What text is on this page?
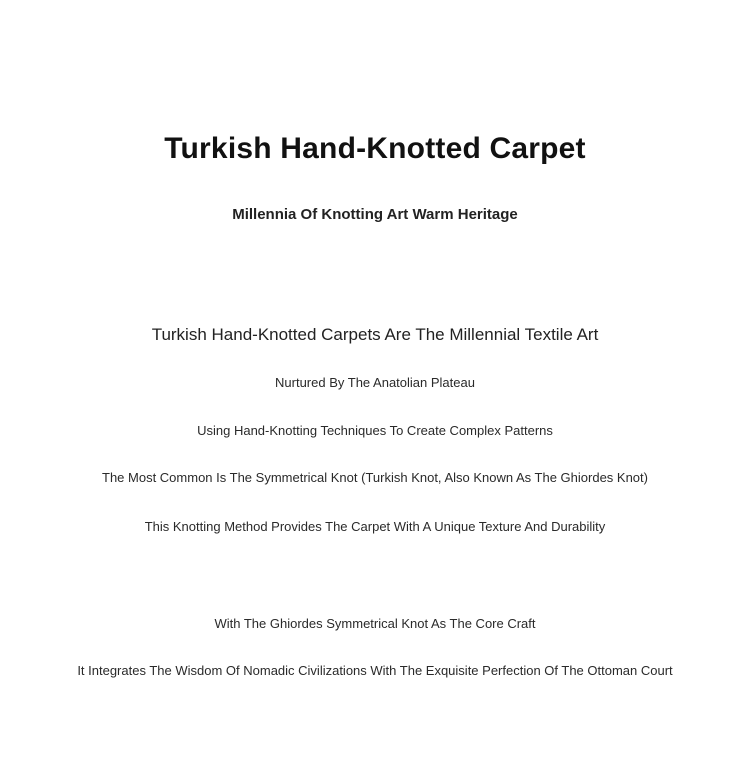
Turkish Hand-Knotted Carpet
Millennia Of Knotting Art Warm Heritage
Turkish Hand-Knotted Carpets Are The Millennial Textile Art
Nurtured By The Anatolian Plateau
Using Hand-Knotting Techniques To Create Complex Patterns
The Most Common Is The Symmetrical Knot (Turkish Knot, Also Known As The Ghiordes Knot)
This Knotting Method Provides The Carpet With A Unique Texture And Durability
With The Ghiordes Symmetrical Knot As The Core Craft
It Integrates The Wisdom Of Nomadic Civilizations With The Exquisite Perfection Of The Ottoman Court
